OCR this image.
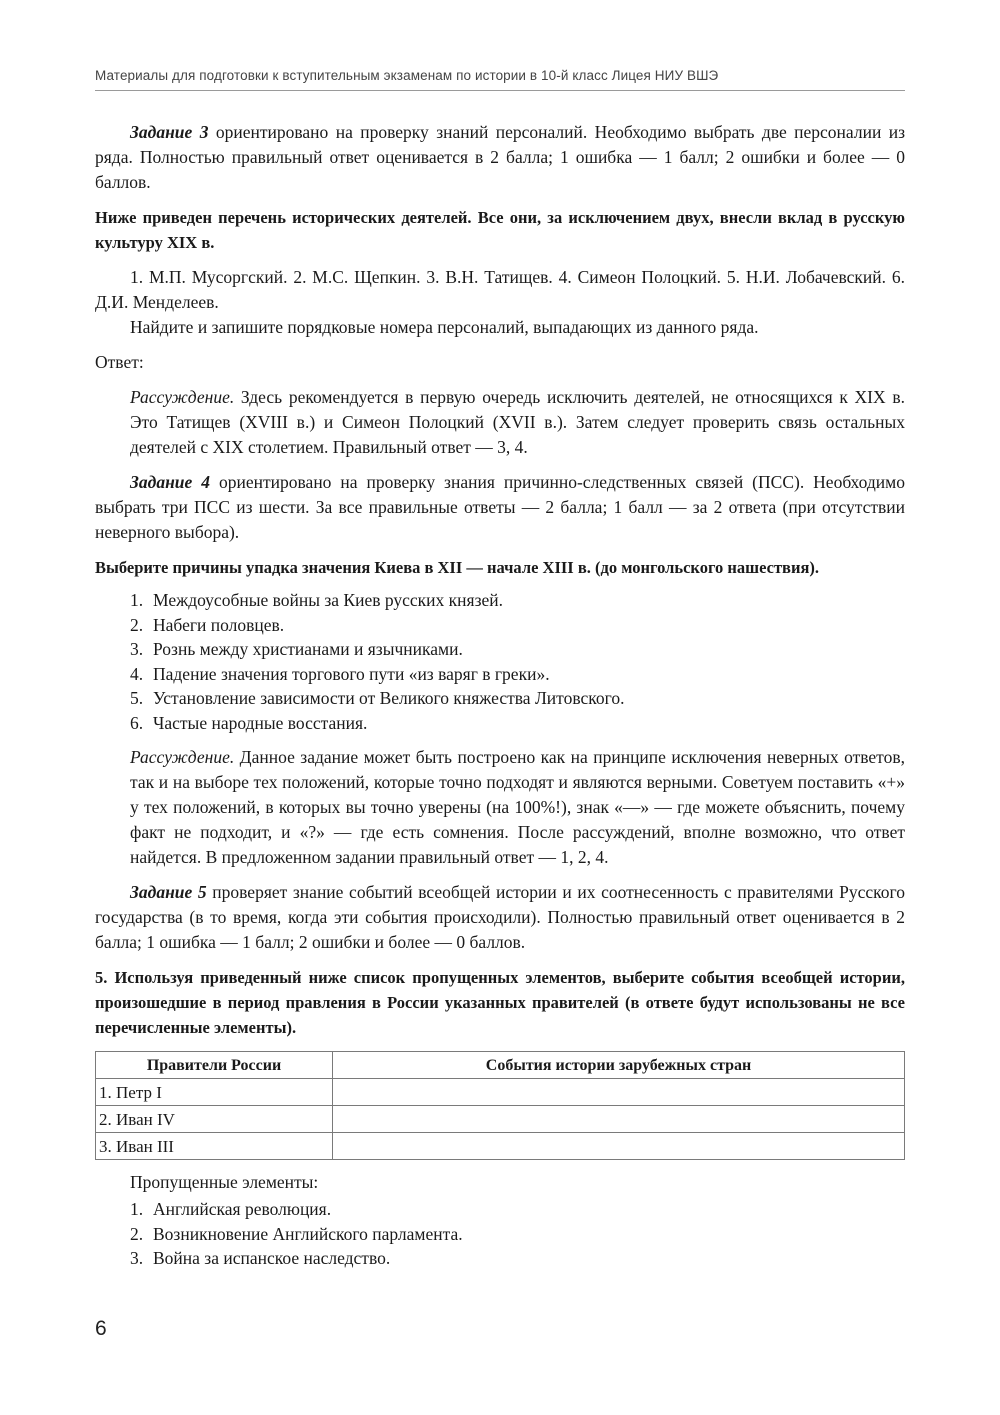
Материалы для подготовки к вступительным экзаменам по истории в 10-й класс Лицея НИУ ВШЭ

Задание 3 ориентировано на проверку знаний персоналий. Необходимо выбрать две персоналии из ряда. Полностью правильный ответ оценивается в 2 балла; 1 ошибка — 1 балл; 2 ошибки и более — 0 баллов.

Ниже приведен перечень исторических деятелей. Все они, за исключением двух, внесли вклад в русскую культуру XIX в.

1. М.П. Мусоргский. 2. М.С. Щепкин. 3. В.Н. Татищев. 4. Симеон Полоцкий. 5. Н.И. Лобачевский. 6. Д.И. Менделеев.

Найдите и запишите порядковые номера персоналий, выпадающих из данного ряда.

Ответ:

Рассуждение. Здесь рекомендуется в первую очередь исключить деятелей, не относящихся к XIX в. Это Татищев (XVIII в.) и Симеон Полоцкий (XVII в.). Затем следует проверить связь остальных деятелей с XIX столетием. Правильный ответ — 3, 4.

Задание 4 ориентировано на проверку знания причинно-следственных связей (ПСС). Необходимо выбрать три ПСС из шести. За все правильные ответы — 2 балла; 1 балл — за 2 ответа (при отсутствии неверного выбора).

Выберите причины упадка значения Киева в XII — начале XIII в. (до монгольского нашествия).

1. Междоусобные войны за Киев русских князей.
2. Набеги половцев.
3. Рознь между христианами и язычниками.
4. Падение значения торгового пути «из варяг в греки».
5. Установление зависимости от Великого княжества Литовского.
6. Частые народные восстания.

Рассуждение. Данное задание может быть построено как на принципе исключения неверных ответов, так и на выборе тех положений, которые точно подходят и являются верными. Советуем поставить «+» у тех положений, в которых вы точно уверены (на 100%!), знак «—» — где можете объяснить, почему факт не подходит, и «?» — где есть сомнения. После рассуждений, вполне возможно, что ответ найдется. В предложенном задании правильный ответ — 1, 2, 4.

Задание 5 проверяет знание событий всеобщей истории и их соотнесенность с правителями Русского государства (в то время, когда эти события происходили). Полностью правильный ответ оценивается в 2 балла; 1 ошибка — 1 балл; 2 ошибки и более — 0 баллов.

5. Используя приведенный ниже список пропущенных элементов, выберите события всеобщей истории, произошедшие в период правления в России указанных правителей (в ответе будут использованы не все перечисленные элементы).

Правители России	События истории зарубежных стран
1. Петр I	
2. Иван IV	
3. Иван III	

Пропущенные элементы:

1. Английская революция.
2. Возникновение Английского парламента.
3. Война за испанское наследство.
6
